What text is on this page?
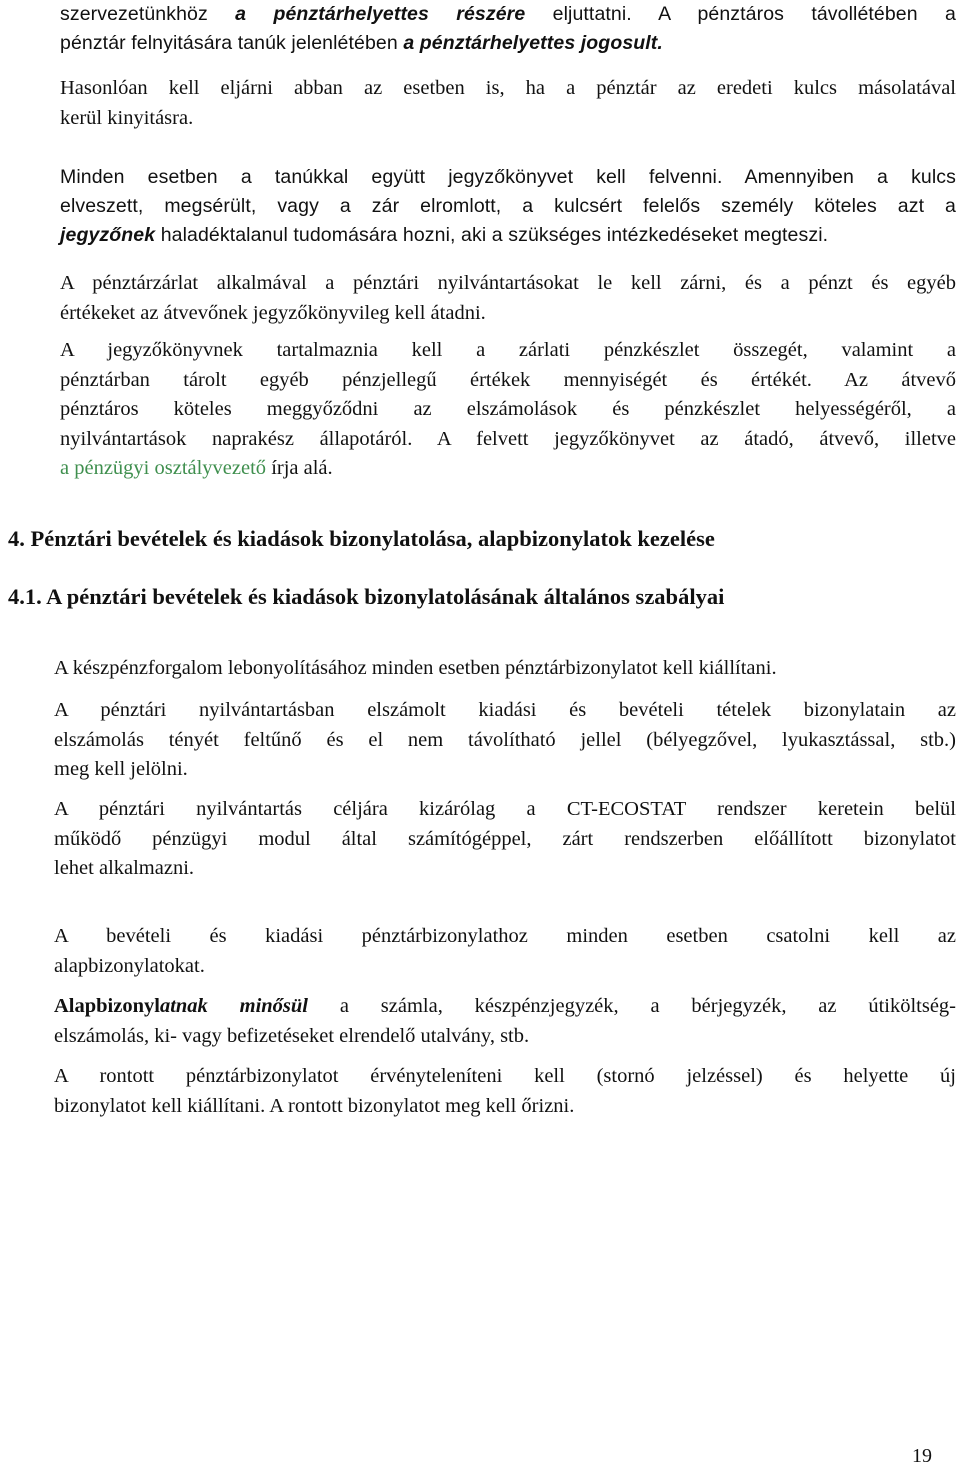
szervezetünkhöz a pénztárhelyettes részére eljuttatni. A pénztáros távollétében a
pénztár felnyitására tanúk jelenlétében a pénztárhelyettes jogosult.
Hasonlóan kell eljárni abban az esetben is, ha a pénztár az eredeti kulcs másolatával
kerül kinyitásra.
Minden esetben a tanúkkal együtt jegyzőkönyvet kell felvenni. Amennyiben a kulcs
elveszett, megsérült, vagy a zár elromlott, a kulcsért felelős személy köteles azt a
jegyzőnek haladéktalanul tudomására hozni, aki a szükséges intézkedéseket megteszi.
A pénztárzárlat alkalmával a pénztári nyilvántartásokat le kell zárni, és a pénzt és egyéb
értékeket az átvevőnek jegyzőkönyvileg kell átadni.
A jegyzőkönyvnek tartalmaznia kell a zárlati pénzkészlet összegét, valamint a
pénztárban tárolt egyéb pénzjellegű értékek mennyiségét és értékét. Az átvevő
pénztáros köteles meggyőződni az elszámolások és pénzkészlet helyességéről, a
nyilvántartások naprakész állapotáról. A felvett jegyzőkönyvet az átadó, átvevő, illetve
a pénzügyi osztályvezető írja alá.
4. Pénztári bevételek és kiadások bizonylatolása, alapbizonylatok kezelése
4.1. A pénztári bevételek és kiadások bizonylatolásának általános szabályai
A készpénzforgalom lebonyolításához minden esetben pénztárbizonylatot kell kiállítani.
A pénztári nyilvántartásban elszámolt kiadási és bevételi tételek bizonylatain az
elszámolás tényét feltűnő és el nem távolítható jellel (bélyegzővel, lyukasztással, stb.)
meg kell jelölni.
A pénztári nyilvántartás céljára kizárólag a CT-ECOSTAT rendszer keretein belül
működő pénzügyi modul által számítógéppel, zárt rendszerben előállított bizonylatot
lehet alkalmazni.
A bevételi és kiadási pénztárbizonylathoz minden esetben csatolni kell az
alapbizonylatokat.
Alapbizonylatnak minősül a számla, készpénzjegyzék, a bérjegyzék, az útiköltség-
elszámolás, ki- vagy befizetéseket elrendelő utalvány, stb.
A rontott pénztárbizonylatot érvényteleníteni kell (stornó jelzéssel) és helyette új
bizonylatot kell kiállítani. A rontott bizonylatot meg kell őrizni.
19
